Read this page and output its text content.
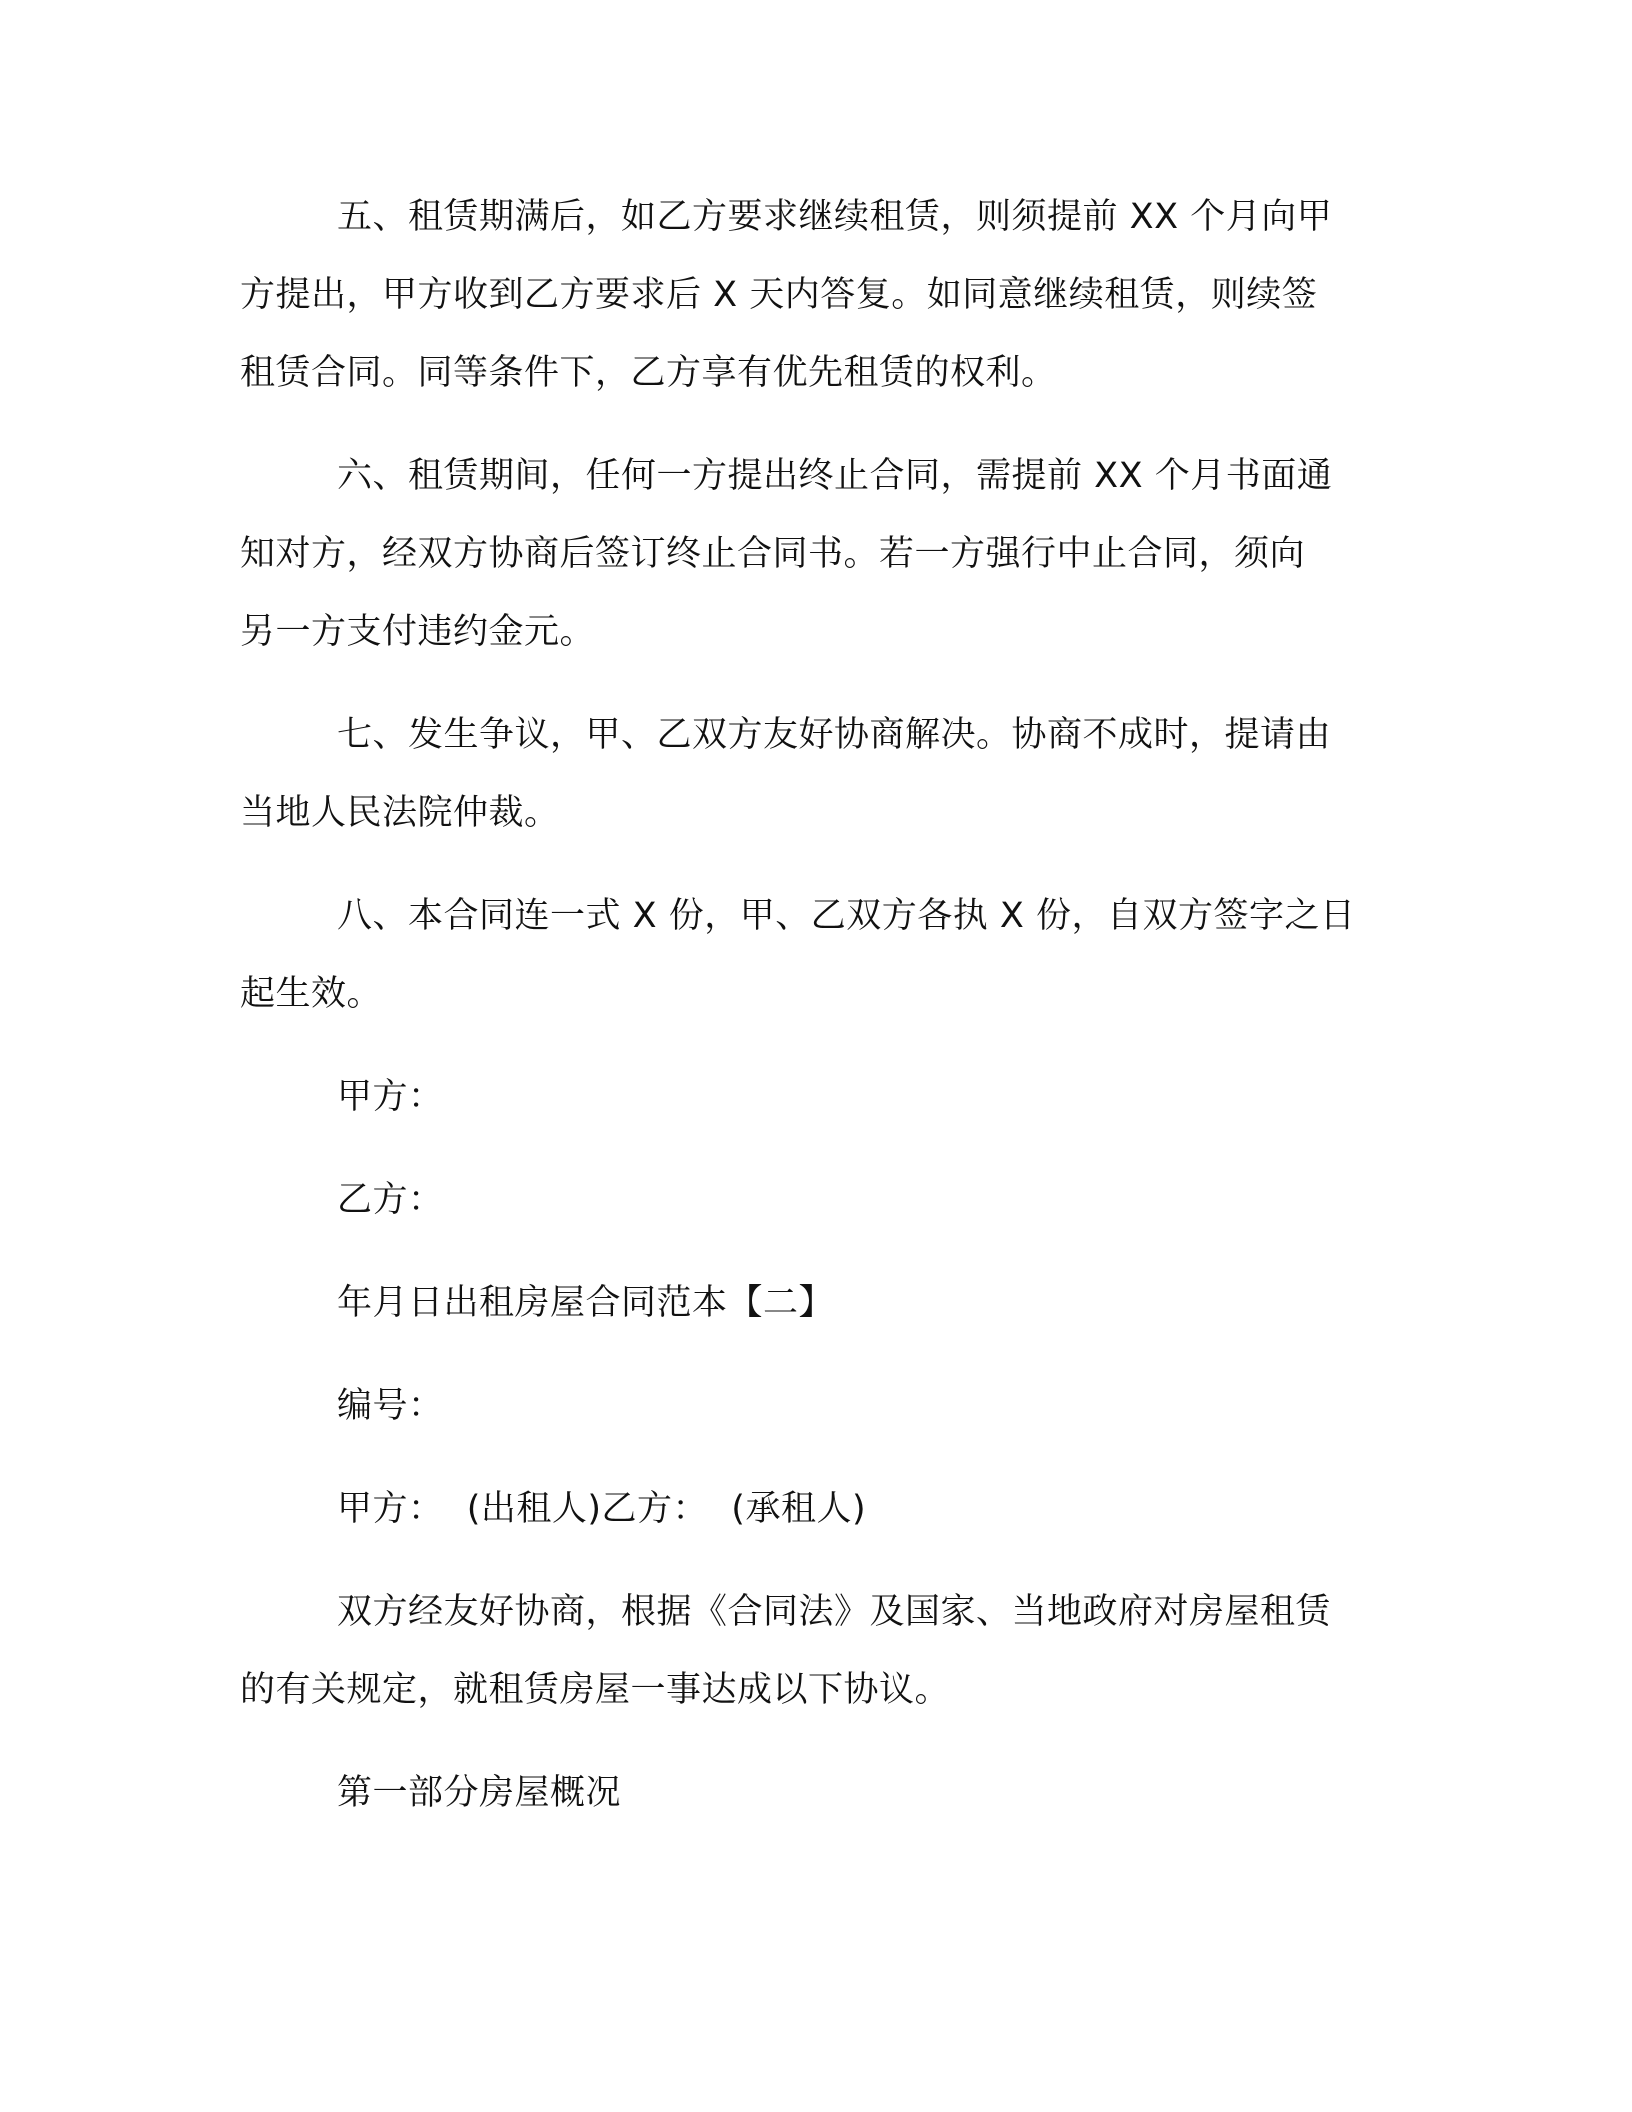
五、租赁期满后，如乙方要求继续租赁，则须提前 XX 个月向甲

方提出，甲方收到乙方要求后 X 天内答复。如同意继续租赁，则续签

租赁合同。同等条件下，乙方享有优先租赁的权利。

六、租赁期间，任何一方提出终止合同，需提前 XX 个月书面通

知对方，经双方协商后签订终止合同书。若一方强行中止合同，须向

另一方支付违约金元。

七、发生争议，甲、乙双方友好协商解决。协商不成时，提请由

当地人民法院仲裁。

八、本合同连一式 X 份，甲、乙双方各执 X 份，自双方签字之日

起生效。

甲方：

乙方：

年月日出租房屋合同范本【二】

编号：

甲方：  (出租人)乙方：  (承租人)

双方经友好协商，根据《合同法》及国家、当地政府对房屋租赁

的有关规定，就租赁房屋一事达成以下协议。

第一部分房屋概况
